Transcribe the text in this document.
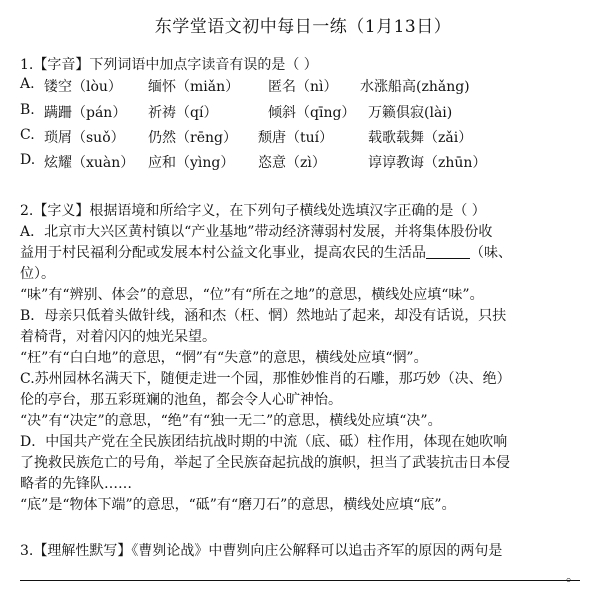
东学堂语文初中每日一练（1月13日）
1.【字音】下列词语中加点字读音有误的是（ ）
A. 镂空（lòu） 缅怀（miǎn） 匿名（nì） 水涨船高(zhǎng)
B. 蹒跚（pán） 祈祷（qí）	倾斜（qīng） 万籁俱寂(lài)
C. 琐屑（suǒ） 仍然（rēng） 颓唐（tuí） 载歌载舞（zǎi）
D. 炫耀（xuàn） 应和（yìng） 恣意（zì）	谆谆教诲（zhūn）
2.【字义】根据语境和所给字义，在下列句子横线处选填汉字正确的是（ ）
A．北京市大兴区黄村镇以“产业基地”带动经济薄弱村发展，并将集体股份收
益用于村民福利分配或发展本村公益文化事业，提高农民的生活品	（味、
位）。
“味”有“辨别、体会”的意思，“位”有“所在之地”的意思，横线处应填“味”。
B．母亲只低着头做针线，涵和杰（枉、惘）然地站了起来，却没有话说，只扶
着椅背，对着闪闪的烛光呆望。
“枉”有“白白地”的意思，“惘”有“失意”的意思，横线处应填“惘”。
C.苏州园林名满天下，随便走进一个园，那惟妙惟肖的石雕，那巧妙（决、绝）
伦的亭台，那五彩斑斓的池鱼，都会令人心旷神怡。
“决”有“决定”的意思，“绝”有“独一无二”的意思，横线处应填“决”。
D．中国共产党在全民族团结抗战时期的中流（底、砥）柱作用，体现在她吹响
了挽救民族危亡的号角，举起了全民族奋起抗战的旗帜，担当了武装抗击日本侵
略者的先锋队……
“底”是“物体下端”的意思，“砥”有“磨刀石”的意思，横线处应填“底”。
3.【理解性默写】《曹刿论战》中曹刿向庄公解释可以追击齐军的原因的两句是
。
